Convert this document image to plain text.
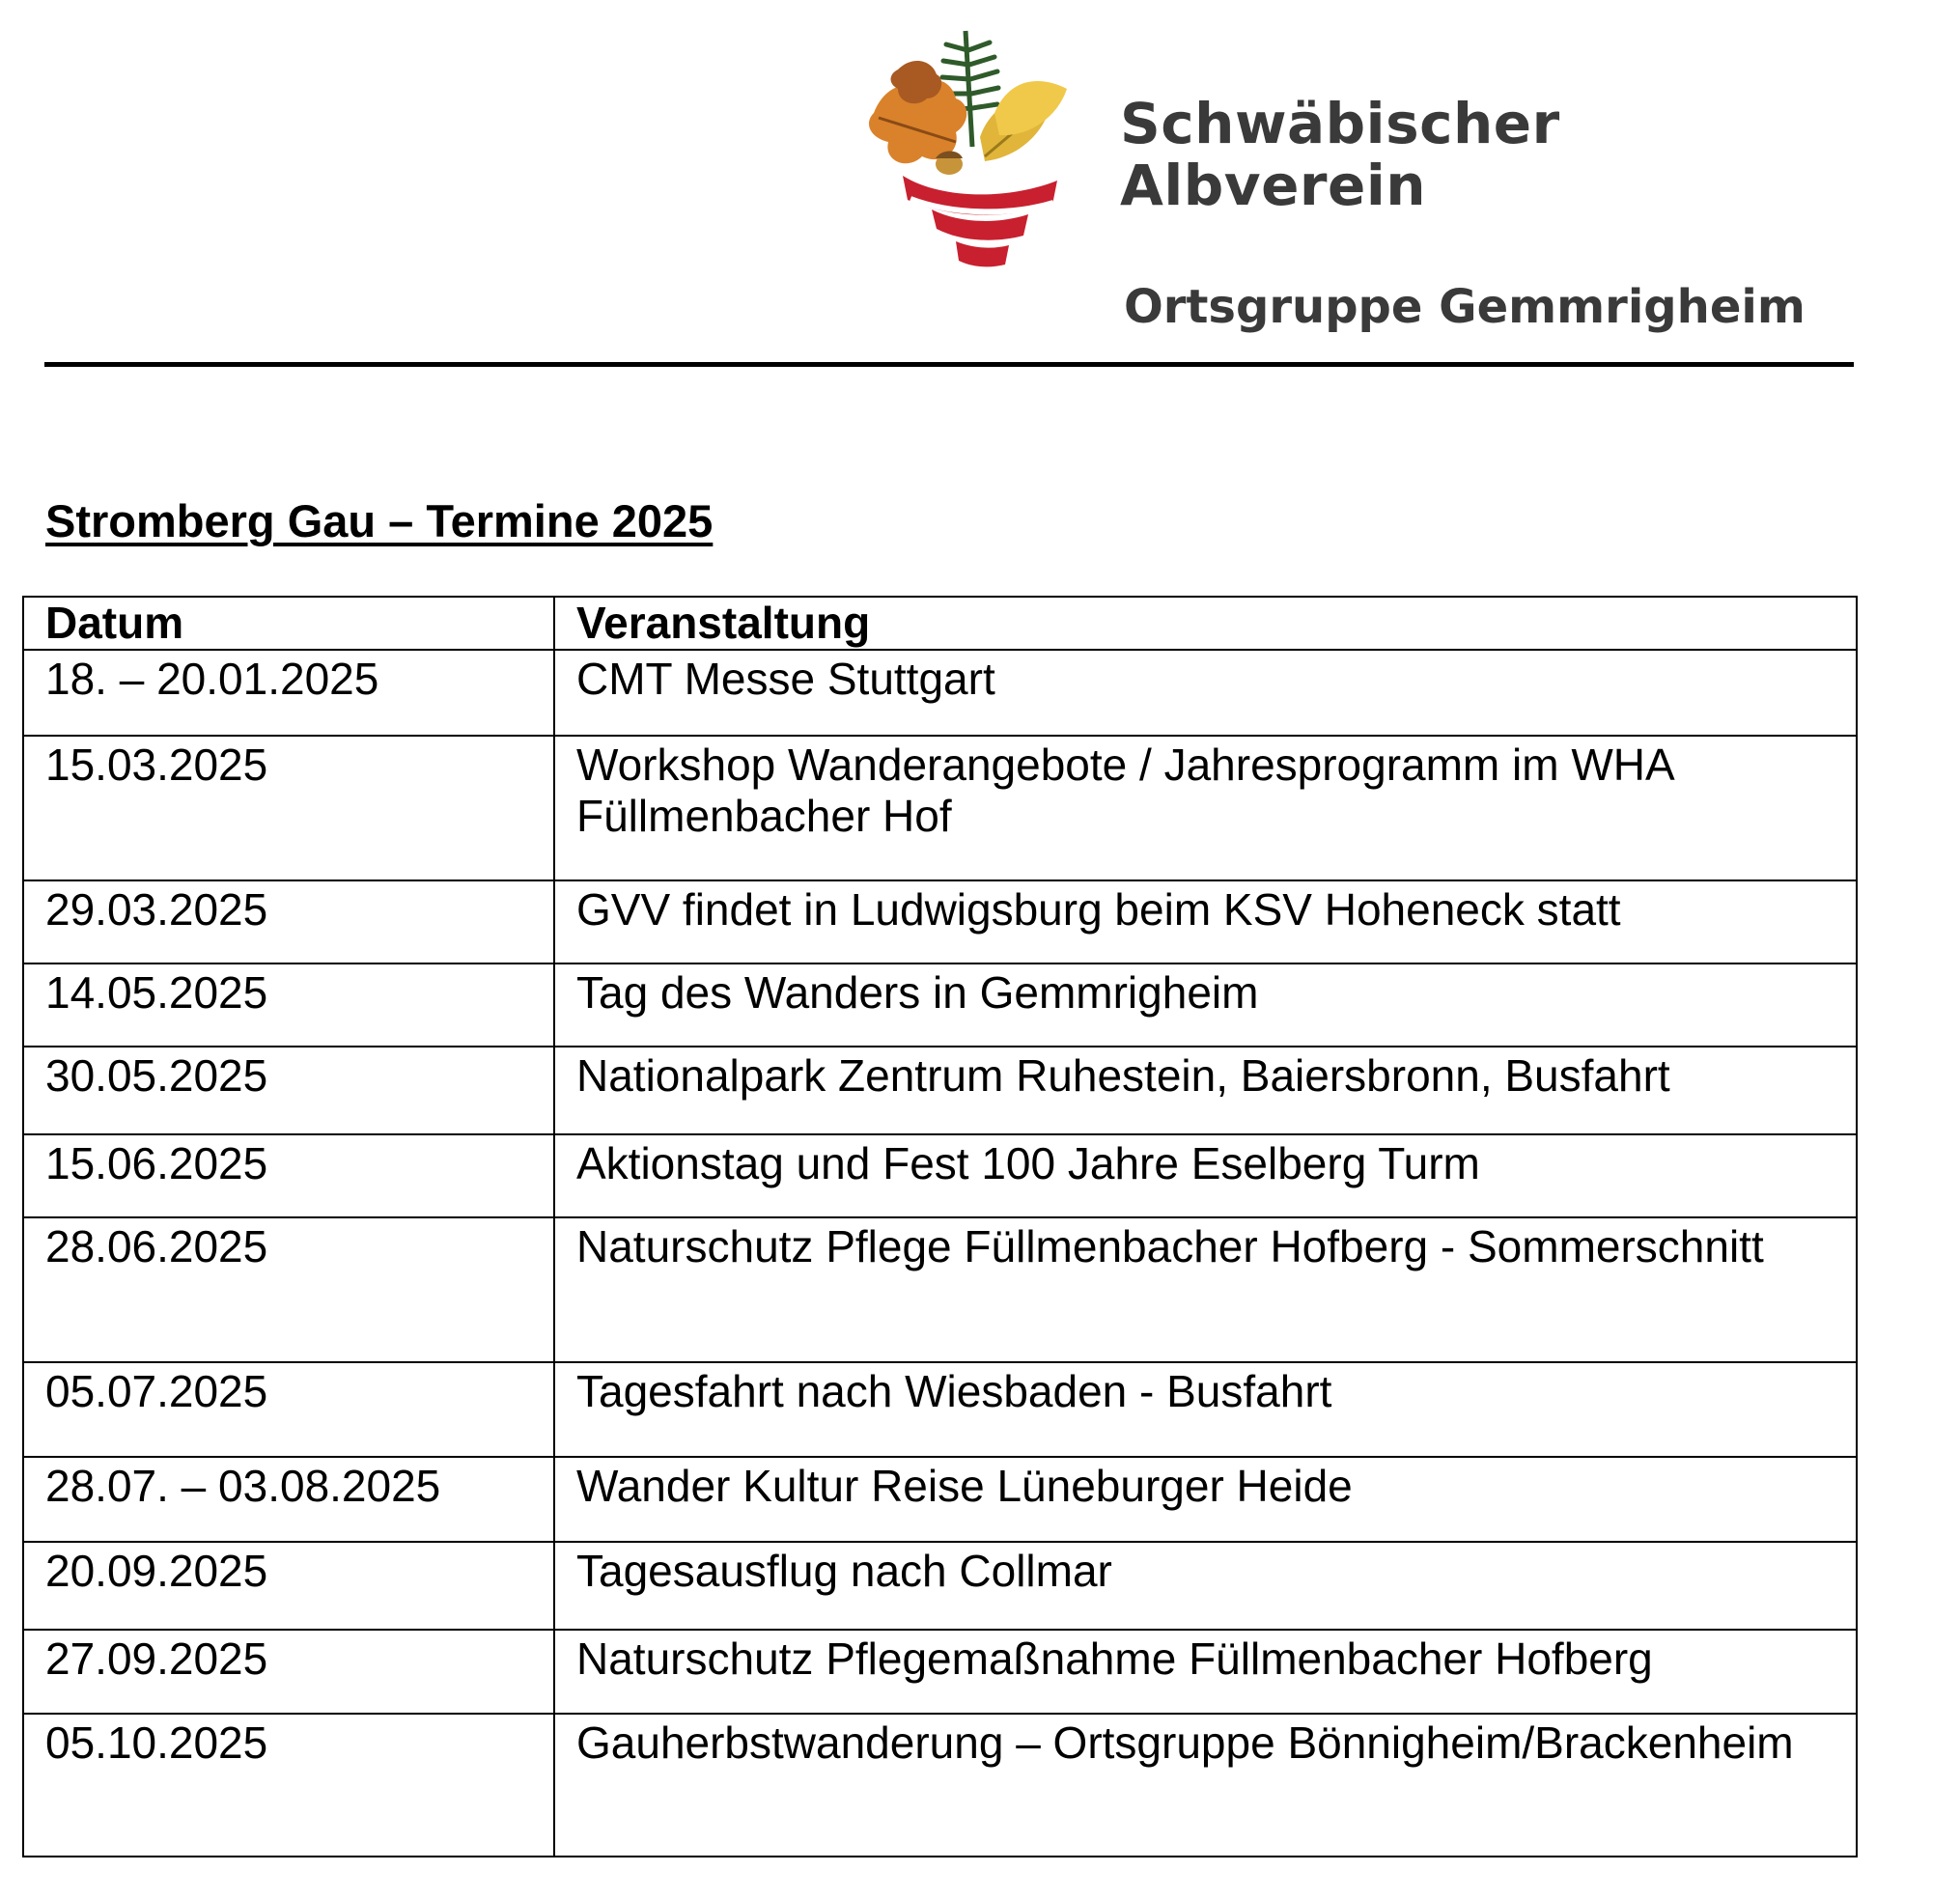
Schwäbischer
Albverein
Ortsgruppe Gemmrigheim
Stromberg Gau – Termine 2025
Datum	Veranstaltung
18. – 20.01.2025	CMT Messe Stuttgart
15.03.2025	Workshop Wanderangebote / Jahresprogramm im WHA Füllmenbacher Hof
29.03.2025	GVV findet in Ludwigsburg beim KSV Hoheneck statt
14.05.2025	Tag des Wanders in Gemmrigheim
30.05.2025	Nationalpark Zentrum Ruhestein, Baiersbronn, Busfahrt
15.06.2025	Aktionstag und Fest 100 Jahre Eselberg Turm
28.06.2025	Naturschutz Pflege Füllmenbacher Hofberg - Sommerschnitt
05.07.2025	Tagesfahrt nach Wiesbaden - Busfahrt
28.07. – 03.08.2025	Wander Kultur Reise Lüneburger Heide
20.09.2025	Tagesausflug nach Collmar
27.09.2025	Naturschutz Pflegemaßnahme Füllmenbacher Hofberg
05.10.2025	Gauherbstwanderung – Ortsgruppe Bönnigheim/Brackenheim
